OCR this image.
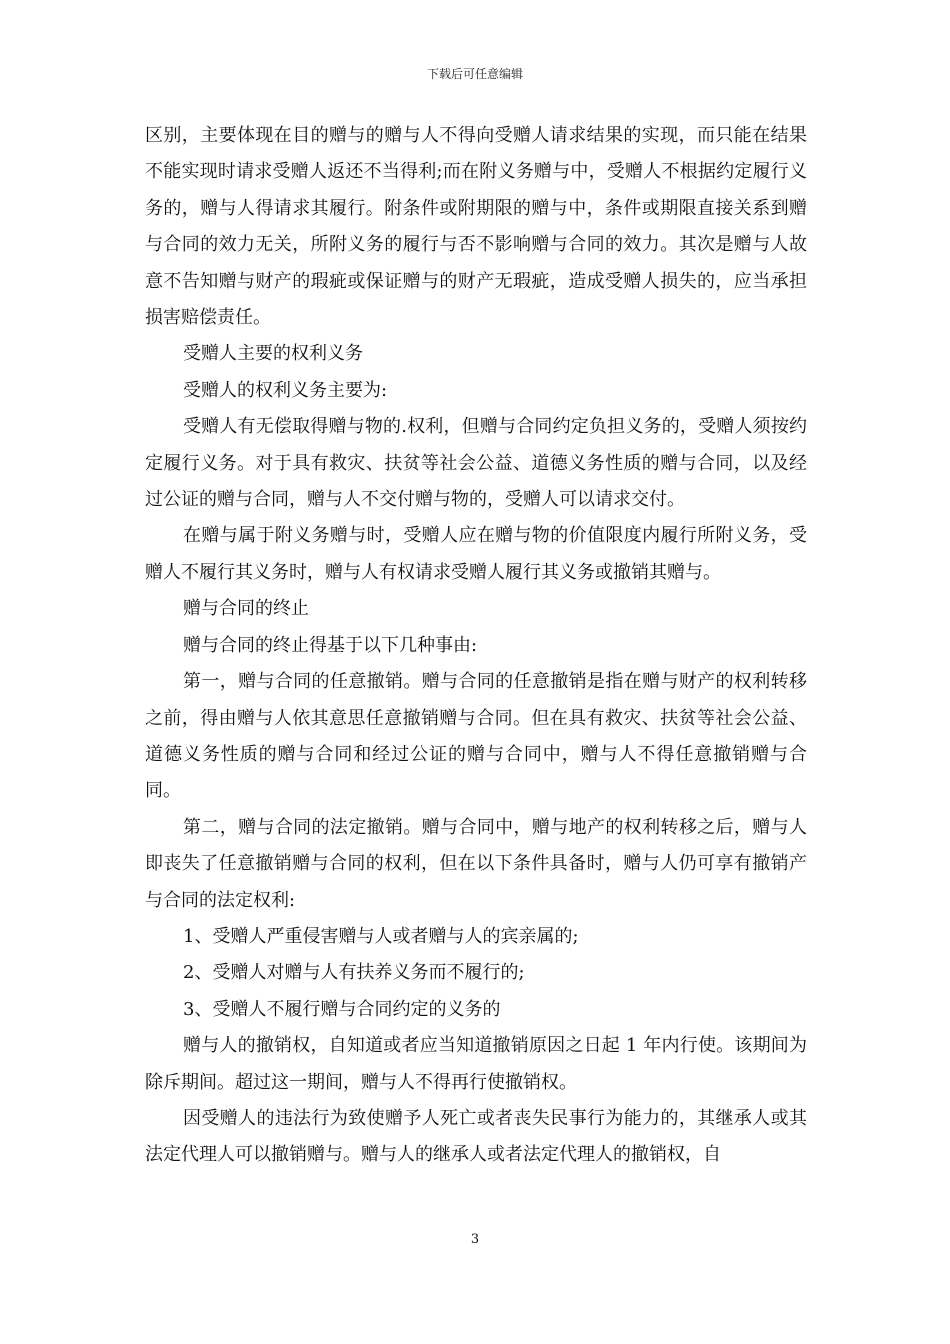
下载后可任意编辑

区别，主要体现在目的赠与的赠与人不得向受赠人请求结果的实现，而只能在结果不能实现时请求受赠人返还不当得利;而在附义务赠与中，受赠人不根据约定履行义务的，赠与人得请求其履行。附条件或附期限的赠与中，条件或期限直接关系到赠与合同的效力无关，所附义务的履行与否不影响赠与合同的效力。其次是赠与人故意不告知赠与财产的瑕疵或保证赠与的财产无瑕疵，造成受赠人损失的，应当承担损害赔偿责任。

受赠人主要的权利义务

受赠人的权利义务主要为:

受赠人有无偿取得赠与物的.权利，但赠与合同约定负担义务的，受赠人须按约定履行义务。对于具有救灾、扶贫等社会公益、道德义务性质的赠与合同，以及经过公证的赠与合同，赠与人不交付赠与物的，受赠人可以请求交付。

在赠与属于附义务赠与时，受赠人应在赠与物的价值限度内履行所附义务，受赠人不履行其义务时，赠与人有权请求受赠人履行其义务或撤销其赠与。

赠与合同的终止

赠与合同的终止得基于以下几种事由:

第一，赠与合同的任意撤销。赠与合同的任意撤销是指在赠与财产的权利转移之前，得由赠与人依其意思任意撤销赠与合同。但在具有救灾、扶贫等社会公益、道德义务性质的赠与合同和经过公证的赠与合同中，赠与人不得任意撤销赠与合同。

第二，赠与合同的法定撤销。赠与合同中，赠与地产的权利转移之后，赠与人即丧失了任意撤销赠与合同的权利，但在以下条件具备时，赠与人仍可享有撤销产与合同的法定权利:

1、受赠人严重侵害赠与人或者赠与人的宾亲属的;

2、受赠人对赠与人有扶养义务而不履行的;

3、受赠人不履行赠与合同约定的义务的

赠与人的撤销权，自知道或者应当知道撤销原因之日起 1 年内行使。该期间为除斥期间。超过这一期间，赠与人不得再行使撤销权。

因受赠人的违法行为致使赠予人死亡或者丧失民事行为能力的，其继承人或其法定代理人可以撤销赠与。赠与人的继承人或者法定代理人的撤销权，自

3
